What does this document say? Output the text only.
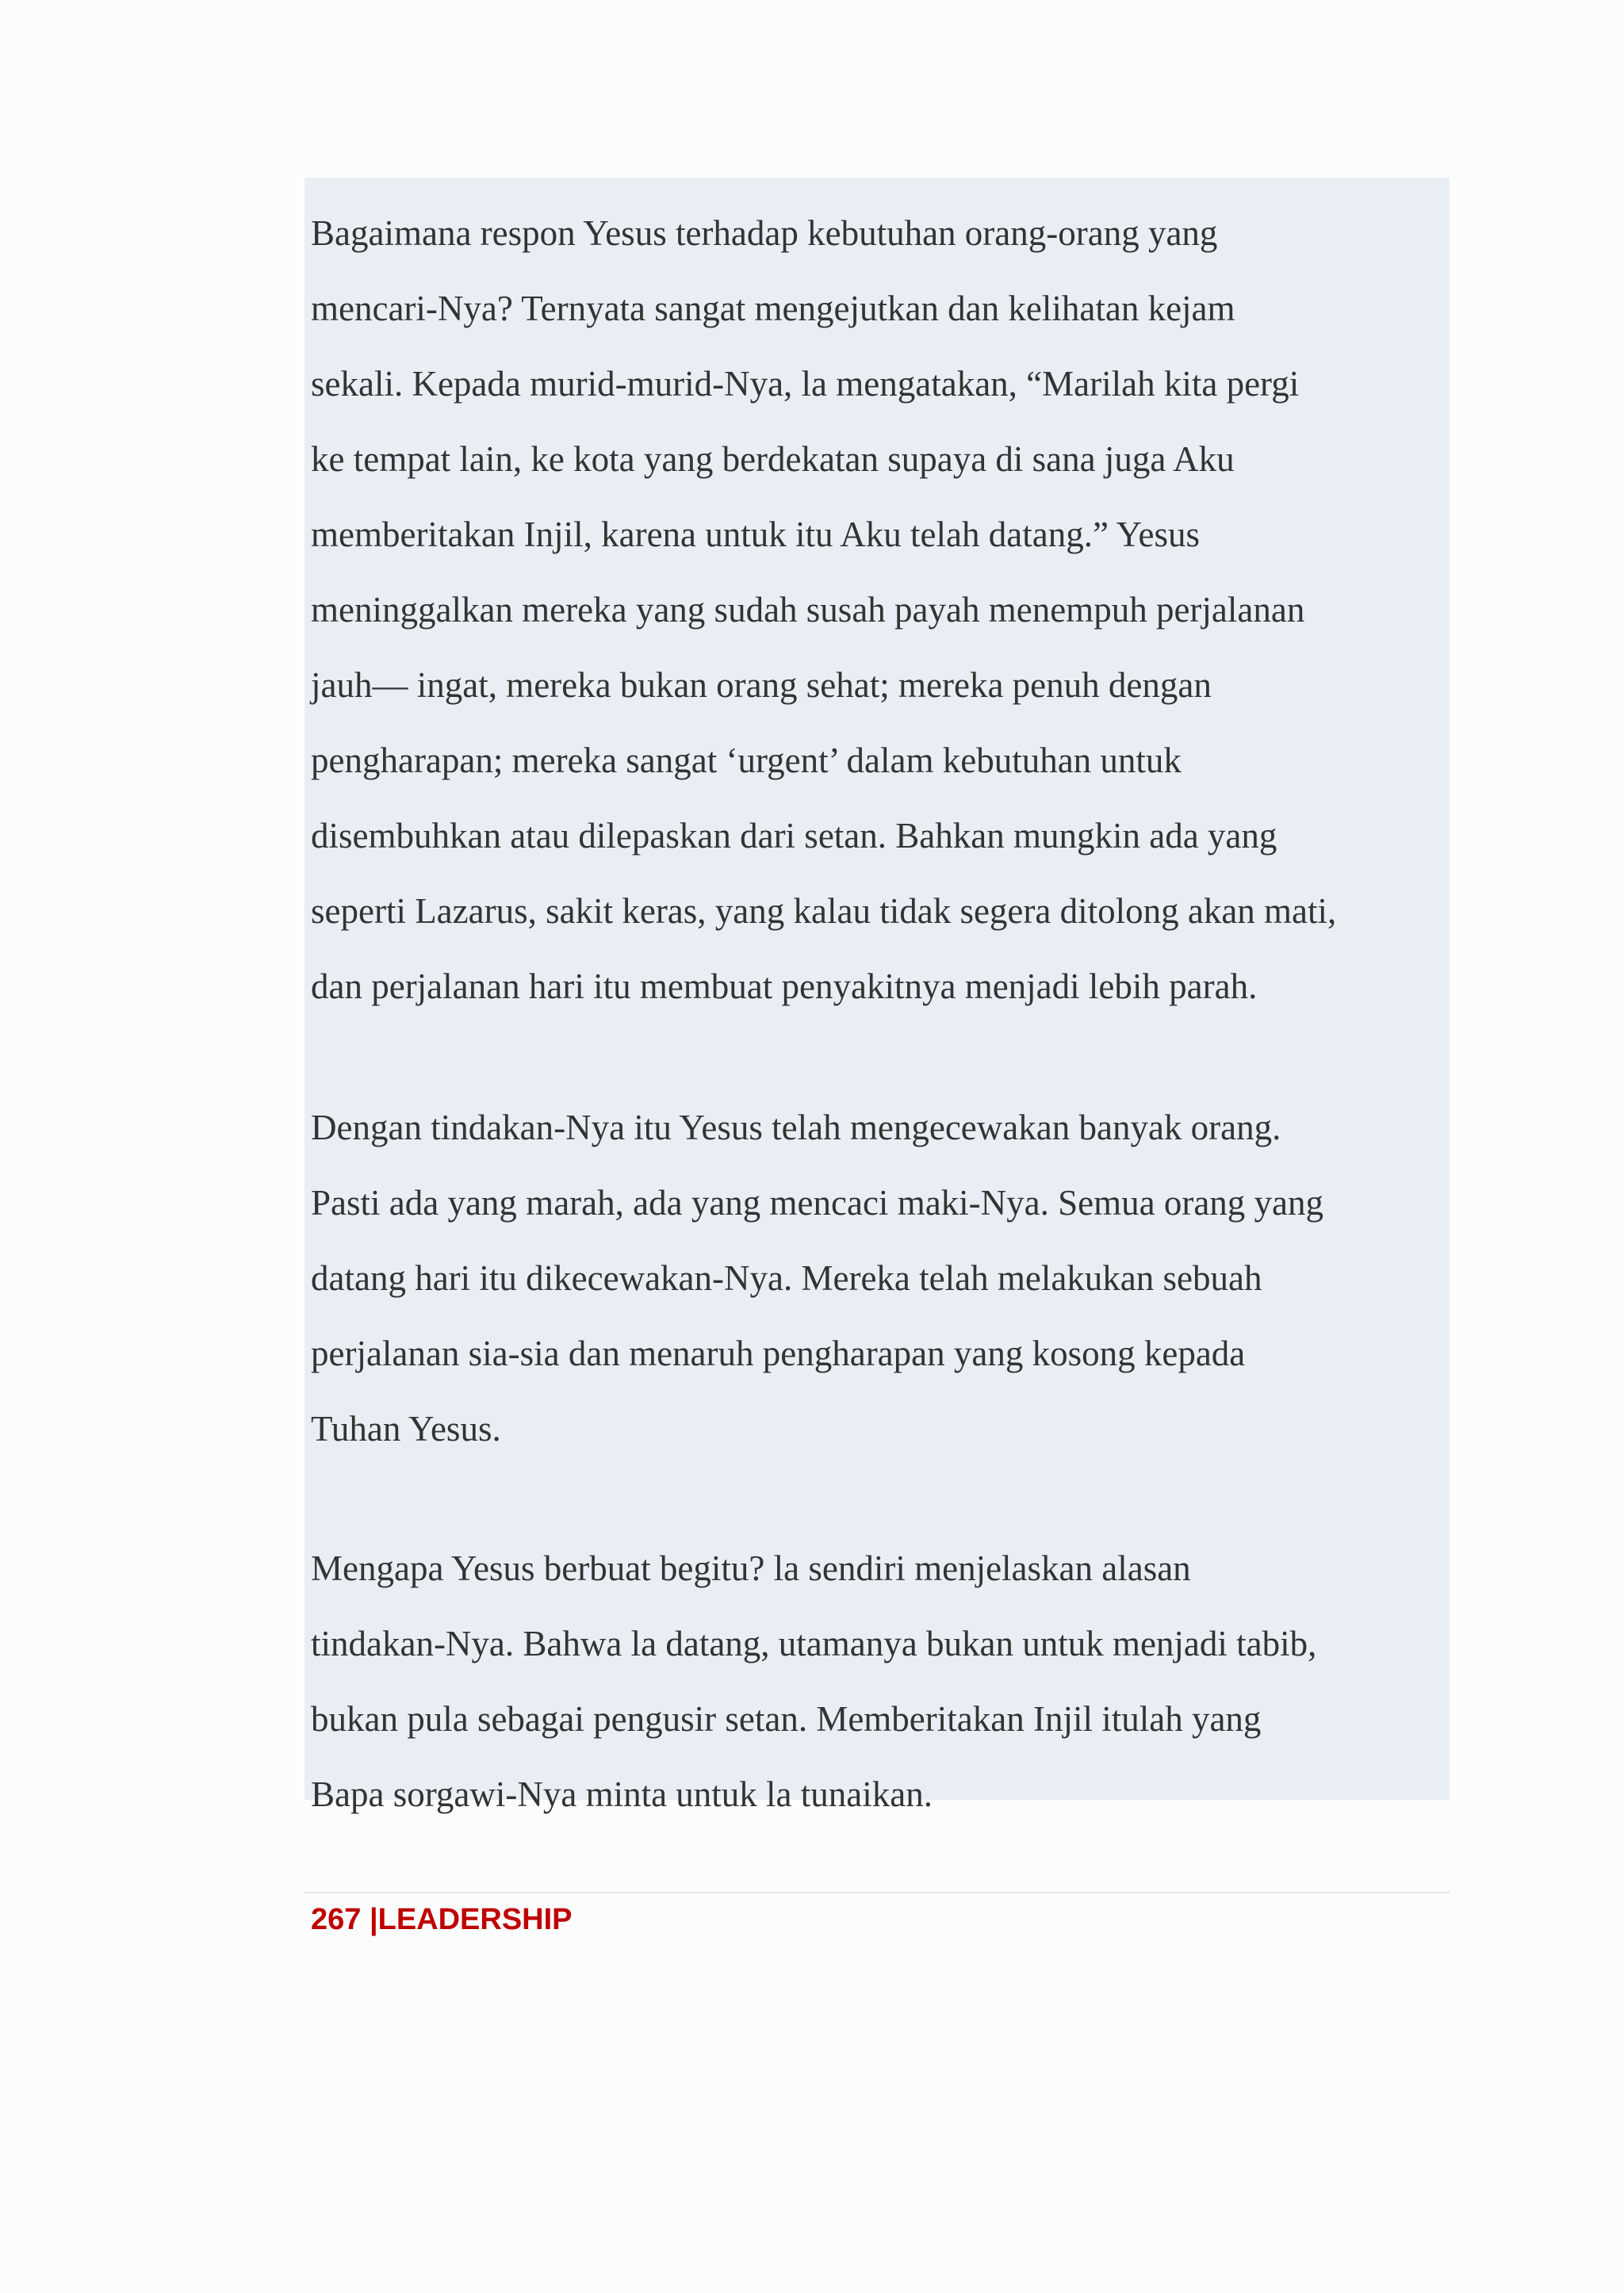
Bagaimana respon Yesus terhadap kebutuhan orang-orang yang
mencari-Nya? Ternyata sangat mengejutkan dan kelihatan kejam
sekali. Kepada murid-murid-Nya, la mengatakan, “Marilah kita pergi
ke tempat lain, ke kota yang berdekatan supaya di sana juga Aku
memberitakan Injil, karena untuk itu Aku telah datang.” Yesus
meninggalkan mereka yang sudah susah payah menempuh perjalanan
jauh— ingat, mereka bukan orang sehat; mereka penuh dengan
pengharapan; mereka sangat ‘urgent’ dalam kebutuhan untuk
disembuhkan atau dilepaskan dari setan. Bahkan mungkin ada yang
seperti Lazarus, sakit keras, yang kalau tidak segera ditolong akan mati,
dan perjalanan hari itu membuat penyakitnya menjadi lebih parah.

Dengan tindakan-Nya itu Yesus telah mengecewakan banyak orang.
Pasti ada yang marah, ada yang mencaci maki-Nya. Semua orang yang
datang hari itu dikecewakan-Nya. Mereka telah melakukan sebuah
perjalanan sia-sia dan menaruh pengharapan yang kosong kepada
Tuhan Yesus.

Mengapa Yesus berbuat begitu? la sendiri menjelaskan alasan
tindakan-Nya. Bahwa la datang, utamanya bukan untuk menjadi tabib,
bukan pula sebagai pengusir setan. Memberitakan Injil itulah yang
Bapa sorgawi-Nya minta untuk la tunaikan.

267 |LEADERSHIP
